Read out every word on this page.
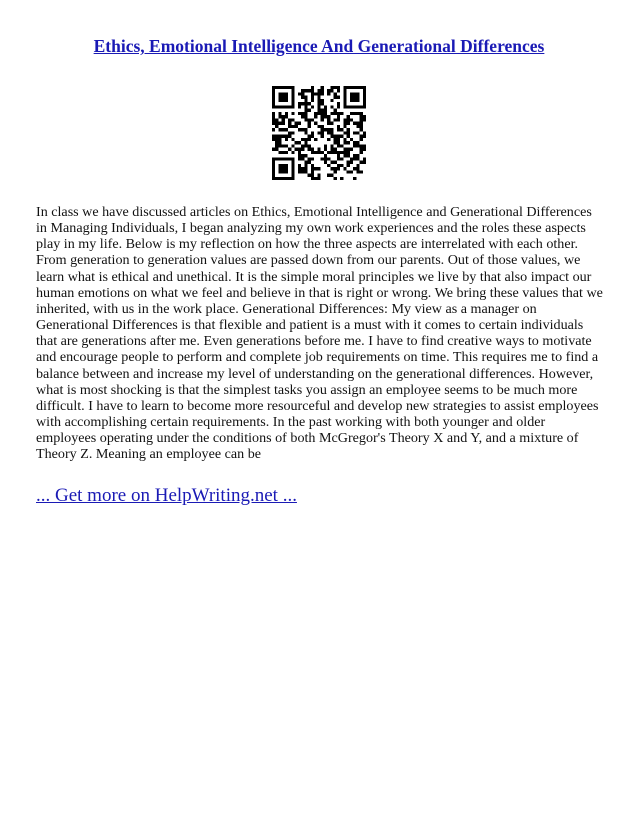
Ethics, Emotional Intelligence And Generational Differences
In class we have discussed articles on Ethics, Emotional Intelligence and Generational Differences
in Managing Individuals, I began analyzing my own work experiences and the roles these aspects
play in my life. Below is my reflection on how the three aspects are interrelated with each other.
From generation to generation values are passed down from our parents. Out of those values, we
learn what is ethical and unethical. It is the simple moral principles we live by that also impact our
human emotions on what we feel and believe in that is right or wrong. We bring these values that we
inherited, with us in the work place. Generational Differences: My view as a manager on
Generational Differences is that flexible and patient is a must with it comes to certain individuals
that are generations after me. Even generations before me. I have to find creative ways to motivate
and encourage people to perform and complete job requirements on time. This requires me to find a
balance between and increase my level of understanding on the generational differences. However,
what is most shocking is that the simplest tasks you assign an employee seems to be much more
difficult. I have to learn to become more resourceful and develop new strategies to assist employees
with accomplishing certain requirements. In the past working with both younger and older
employees operating under the conditions of both McGregor's Theory X and Y, and a mixture of
Theory Z. Meaning an employee can be
... Get more on HelpWriting.net ...
